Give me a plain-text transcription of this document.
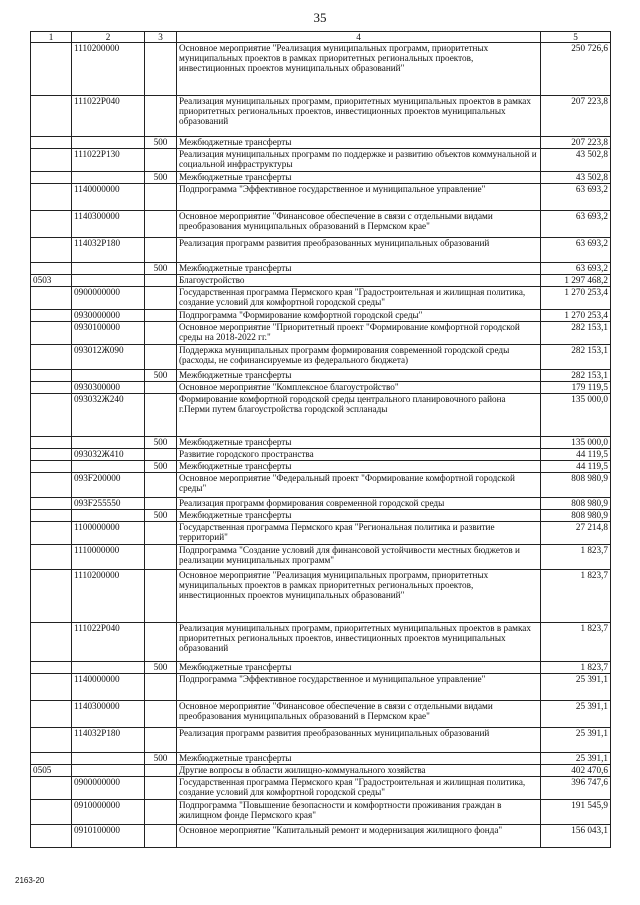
35
1	2	3	4	5
	1110200000		Основное мероприятие "Реализация муниципальных программ, приоритетных муниципальных проектов в рамках приоритетных региональных проектов, инвестиционных проектов муниципальных образований"	250 726,6
	111022Р040		Реализация муниципальных программ, приоритетных муниципальных проектов в рамках приоритетных региональных проектов, инвестиционных проектов муниципальных образований	207 223,8
		500	Межбюджетные трансферты	207 223,8
	111022Р130		Реализация муниципальных программ по поддержке и развитию объектов коммунальной и социальной инфраструктуры	43 502,8
		500	Межбюджетные трансферты	43 502,8
	1140000000		Подпрограмма "Эффективное государственное и муниципальное управление"	63 693,2
	1140300000		Основное мероприятие "Финансовое обеспечение в связи с отдельными видами преобразования муниципальных образований в Пермском крае"	63 693,2
	114032Р180		Реализация программ развития преобразованных муниципальных образований	63 693,2
		500	Межбюджетные трансферты	63 693,2
0503			Благоустройство	1 297 468,2
	0900000000		Государственная программа Пермского края "Градостроительная и жилищная политика, создание условий для комфортной городской среды"	1 270 253,4
	0930000000		Подпрограмма "Формирование комфортной городской среды"	1 270 253,4
	0930100000		Основное мероприятие "Приоритетный проект "Формирование комфортной городской среды на 2018-2022 гг."	282 153,1
	093012Ж090		Поддержка муниципальных программ формирования современной городской среды (расходы, не софинансируемые из федерального бюджета)	282 153,1
		500	Межбюджетные трансферты	282 153,1
	0930300000		Основное мероприятие "Комплексное благоустройство"	179 119,5
	093032Ж240		Формирование комфортной городской среды центрального планировочного района г.Перми путем благоустройства городской эспланады	135 000,0
		500	Межбюджетные трансферты	135 000,0
	093032Ж410		Развитие городского пространства	44 119,5
		500	Межбюджетные трансферты	44 119,5
	093F200000		Основное мероприятие "Федеральный проект "Формирование комфортной городской среды"	808 980,9
	093F255550		Реализация программ формирования современной городской среды	808 980,9
		500	Межбюджетные трансферты	808 980,9
	1100000000		Государственная программа Пермского края "Региональная политика и развитие территорий"	27 214,8
	1110000000		Подпрограмма "Создание условий для финансовой устойчивости местных бюджетов и реализации муниципальных программ"	1 823,7
	1110200000		Основное мероприятие "Реализация муниципальных программ, приоритетных муниципальных проектов в рамках приоритетных региональных проектов, инвестиционных проектов муниципальных образований"	1 823,7
	111022Р040		Реализация муниципальных программ, приоритетных муниципальных проектов в рамках приоритетных региональных проектов, инвестиционных проектов муниципальных образований	1 823,7
		500	Межбюджетные трансферты	1 823,7
	1140000000		Подпрограмма "Эффективное государственное и муниципальное управление"	25 391,1
	1140300000		Основное мероприятие "Финансовое обеспечение в связи с отдельными видами преобразования муниципальных образований в Пермском крае"	25 391,1
	114032Р180		Реализация программ развития преобразованных муниципальных образований	25 391,1
		500	Межбюджетные трансферты	25 391,1
0505			Другие вопросы в области жилищно-коммунального хозяйства	402 470,6
	0900000000		Государственная программа Пермского края "Градостроительная и жилищная политика, создание условий для комфортной городской среды"	396 747,6
	0910000000		Подпрограмма "Повышение безопасности и комфортности проживания граждан в жилищном фонде Пермского края"	191 545,9
	0910100000		Основное мероприятие "Капитальный ремонт и модернизация жилищного фонда"	156 043,1
2163-20
